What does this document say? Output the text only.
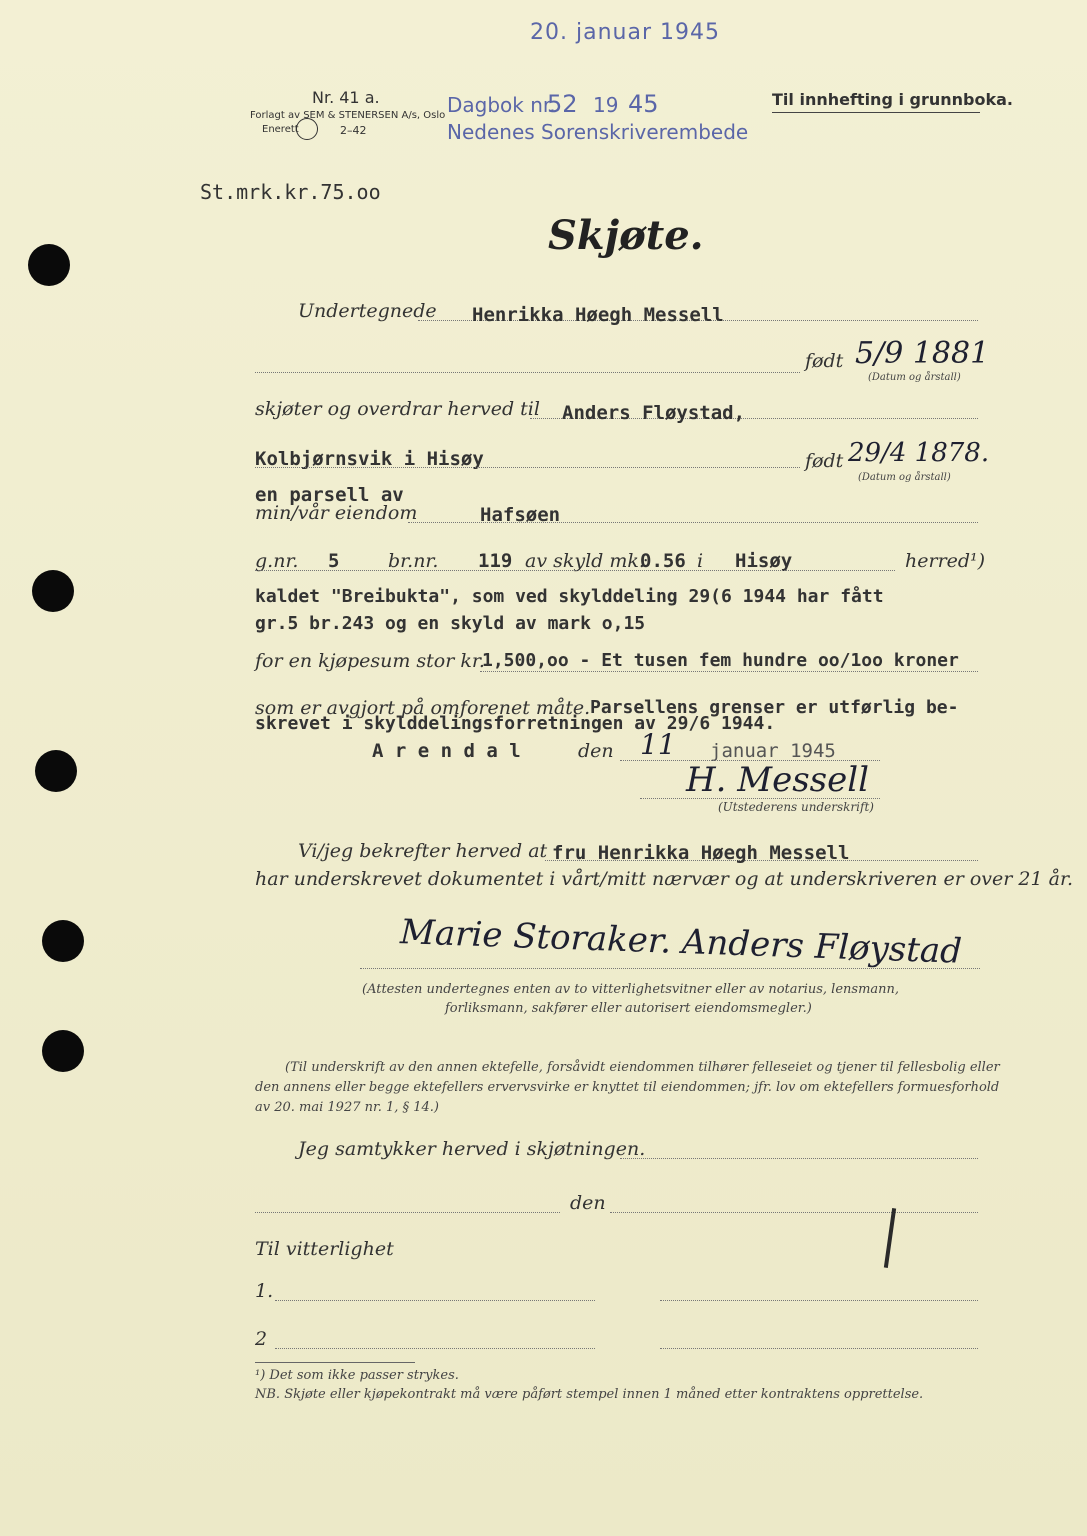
20. januar 1945
Nr. 41 a.
Forlagt av SEM & STENERSEN A/s, Oslo
Enerett	2–42
Dagbok nr.
52 19 45
Nedenes Sorenskriverembede
Til innhefting i grunnboka.
St.mrk.kr.75.oo
Skjøte.
Undertegnede Henrikka Høegh Messell
født 5/9 1881
(Datum og årstall)
skjøter og overdrar herved til Anders Fløystad,
Kolbjørnsvik i Hisøy	født 29/4 1878.
(Datum og årstall)
en parsell av
min/vår eiendom	Hafsøen
g.nr. 5	br.nr. 119 av skyld mk.
0.56 i Hisøy	herred¹)
kaldet "Breibukta", som ved skylddeling 29(6 1944 har fått
gr.5 br.243 og en skyld av mark o,15
for en kjøpesum stor kr.
1,500,oo - Et tusen fem hundre oo/1oo kroner
som er avgjort på omforenet måte. Parsellens grenser er utførlig be-
skrevet i skylddelingsforretningen av 29/6 1944.
A r e n d a l	den 11 januar 1945
H. Messell
(Utstederens underskrift)
Vi/jeg bekrefter herved at fru Henrikka Høegh Messell
har underskrevet dokumentet i vårt/mitt nærvær og at underskriveren er over 21 år.
Marie Storaker. Anders Fløystad
(Attesten undertegnes enten av to vitterlighetsvitner eller av notarius, lensmann,
forliksmann, sakfører eller autorisert eiendomsmegler.)
(Til underskrift av den annen ektefelle, forsåvidt eiendommen tilhører felleseiet og tjener til fellesbolig eller
den annens eller begge ektefellers ervervsvirke er knyttet til eiendommen; jfr. lov om ektefellers formuesforhold
av 20. mai 1927 nr. 1, § 14.)
Jeg samtykker herved i skjøtningen.
den
Til vitterlighet
1.
2
¹) Det som ikke passer strykes.
NB. Skjøte eller kjøpekontrakt må være påført stempel innen 1 måned etter kontraktens opprettelse.
